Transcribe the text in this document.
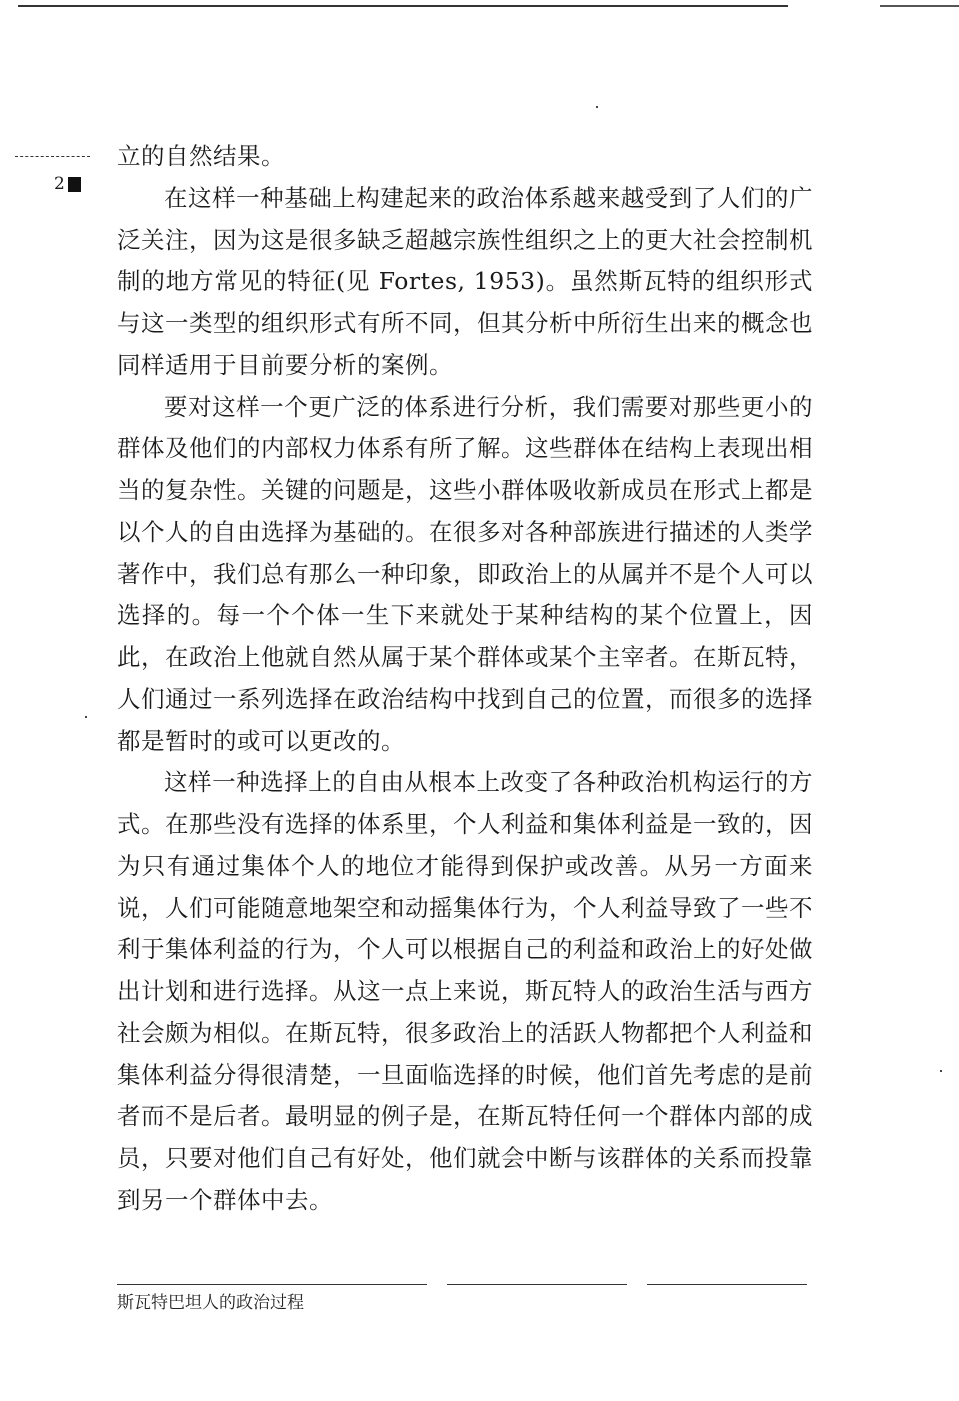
2

立的自然结果。

在这样一种基础上构建起来的政治体系越来越受到了人们的广泛关注，因为这是很多缺乏超越宗族性组织之上的更大社会控制机制的地方常见的特征(见 Fortes, 1953)。虽然斯瓦特的组织形式与这一类型的组织形式有所不同，但其分析中所衍生出来的概念也同样适用于目前要分析的案例。

要对这样一个更广泛的体系进行分析，我们需要对那些更小的群体及他们的内部权力体系有所了解。这些群体在结构上表现出相当的复杂性。关键的问题是，这些小群体吸收新成员在形式上都是以个人的自由选择为基础的。在很多对各种部族进行描述的人类学著作中，我们总有那么一种印象，即政治上的从属并不是个人可以选择的。每一个个体一生下来就处于某种结构的某个位置上，因此，在政治上他就自然从属于某个群体或某个主宰者。在斯瓦特，人们通过一系列选择在政治结构中找到自己的位置，而很多的选择都是暂时的或可以更改的。

这样一种选择上的自由从根本上改变了各种政治机构运行的方式。在那些没有选择的体系里，个人利益和集体利益是一致的，因为只有通过集体个人的地位才能得到保护或改善。从另一方面来说，人们可能随意地架空和动摇集体行为，个人利益导致了一些不利于集体利益的行为，个人可以根据自己的利益和政治上的好处做出计划和进行选择。从这一点上来说，斯瓦特人的政治生活与西方社会颇为相似。在斯瓦特，很多政治上的活跃人物都把个人利益和集体利益分得很清楚，一旦面临选择的时候，他们首先考虑的是前者而不是后者。最明显的例子是，在斯瓦特任何一个群体内部的成员，只要对他们自己有好处，他们就会中断与该群体的关系而投靠到另一个群体中去。

斯瓦特巴坦人的政治过程
